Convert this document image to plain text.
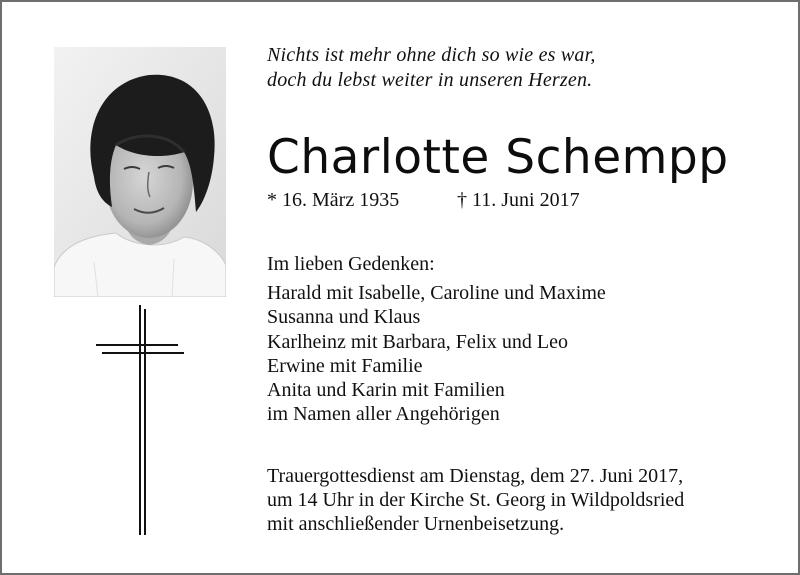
Nichts ist mehr ohne dich so wie es war,
doch du lebst weiter in unseren Herzen.
Charlotte Schempp
* 16. März 1935	† 11. Juni 2017
Im lieben Gedenken:
Harald mit Isabelle, Caroline und Maxime
Susanna und Klaus
Karlheinz mit Barbara, Felix und Leo
Erwine mit Familie
Anita und Karin mit Familien
im Namen aller Angehörigen
Trauergottesdienst am Dienstag, dem 27. Juni 2017,
um 14 Uhr in der Kirche St. Georg in Wildpoldsried
mit anschließender Urnenbeisetzung.
